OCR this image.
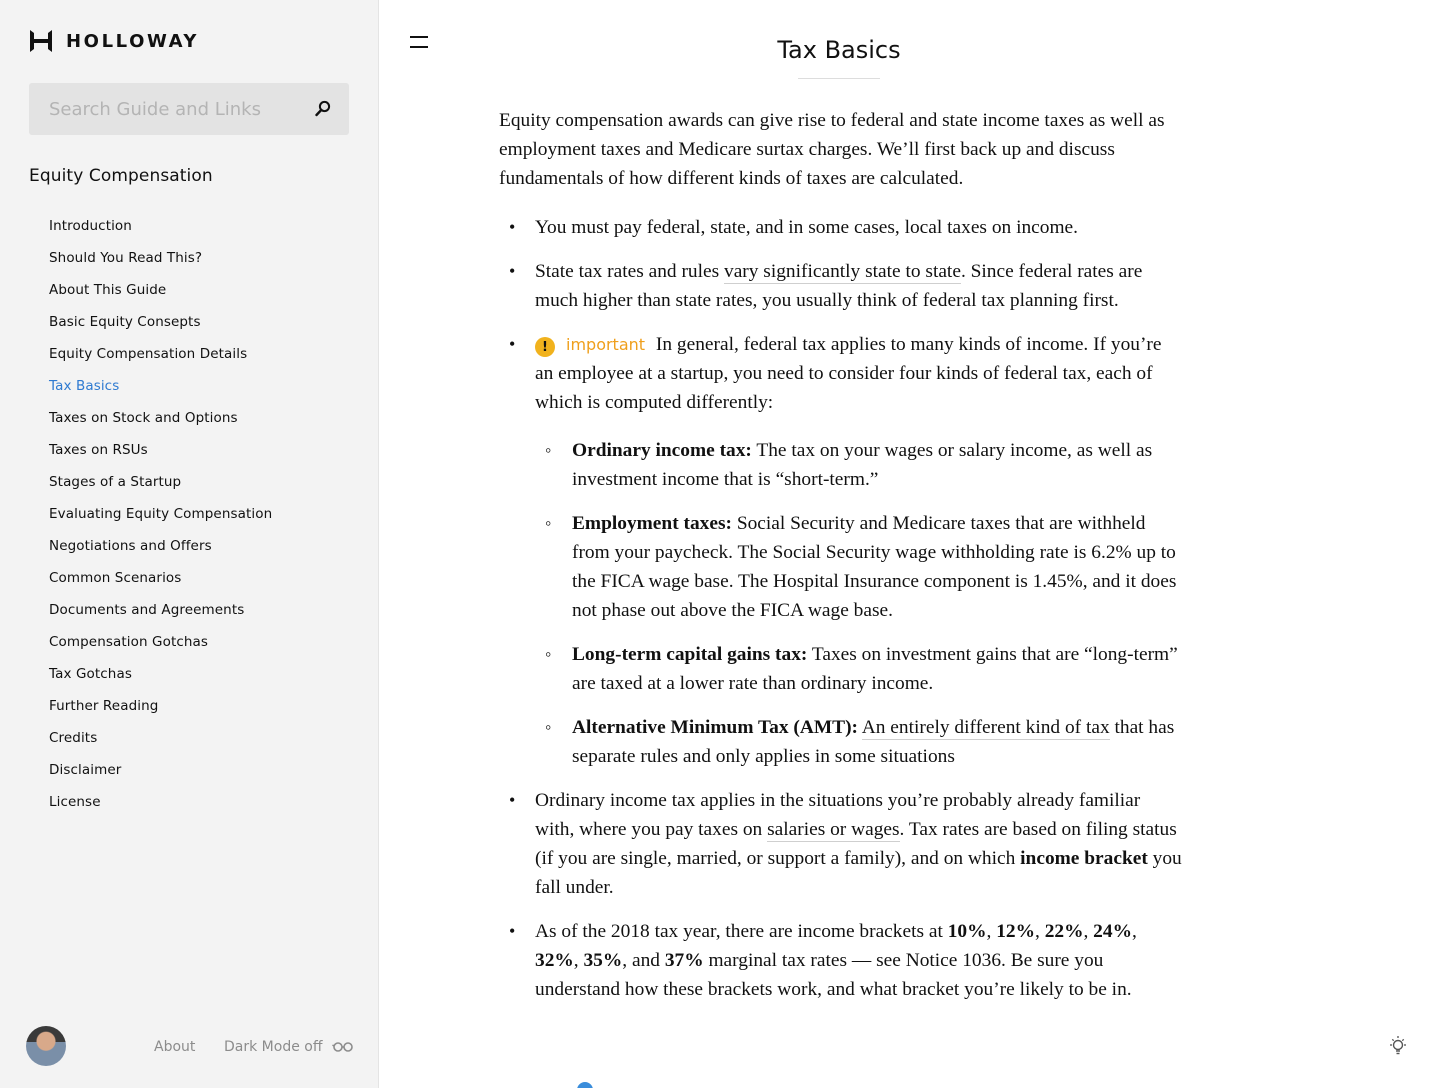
HOLLOWAY
Search Guide and Links
Equity Compensation
Introduction
Should You Read This?
About This Guide
Basic Equity Consepts
Equity Compensation Details
Tax Basics
Taxes on Stock and Options
Taxes on RSUs
Stages of a Startup
Evaluating Equity Compensation
Negotiations and Offers
Common Scenarios
Documents and Agreements
Compensation Gotchas
Tax Gotchas
Further Reading
Credits
Disclaimer
License
About Dark Mode off
Tax Basics

Equity compensation awards can give rise to federal and state income taxes as well as employment taxes and Medicare surtax charges. We’ll first back up and discuss fundamentals of how different kinds of taxes are calculated.

• You must pay federal, state, and in some cases, local taxes on income.
• State tax rates and rules vary significantly state to state. Since federal rates are much higher than state rates, you usually think of federal tax planning first.
• !	important In general, federal tax applies to many kinds of income. If you’re an employee at a startup, you need to consider four kinds of federal tax, each of which is computed differently:
◦ Ordinary income tax: The tax on your wages or salary income, as well as investment income that is “short-term.”
◦ Employment taxes: Social Security and Medicare taxes that are withheld from your paycheck. The Social Security wage withholding rate is 6.2% up to the FICA wage base. The Hospital Insurance component is 1.45%, and it does not phase out above the FICA wage base.
◦ Long-term capital gains tax: Taxes on investment gains that are “long-term” are taxed at a lower rate than ordinary income.
◦ Alternative Minimum Tax (AMT): An entirely different kind of tax that has separate rules and only applies in some situations
• Ordinary income tax applies in the situations you’re probably already familiar with, where you pay taxes on salaries or wages. Tax rates are based on filing status (if you are single, married, or support a family), and on which income bracket you fall under.
• As of the 2018 tax year, there are income brackets at 10%, 12%, 22%, 24%, 32%, 35%, and 37% marginal tax rates — see Notice 1036. Be sure you understand how these brackets work, and what bracket you’re likely to be in.
